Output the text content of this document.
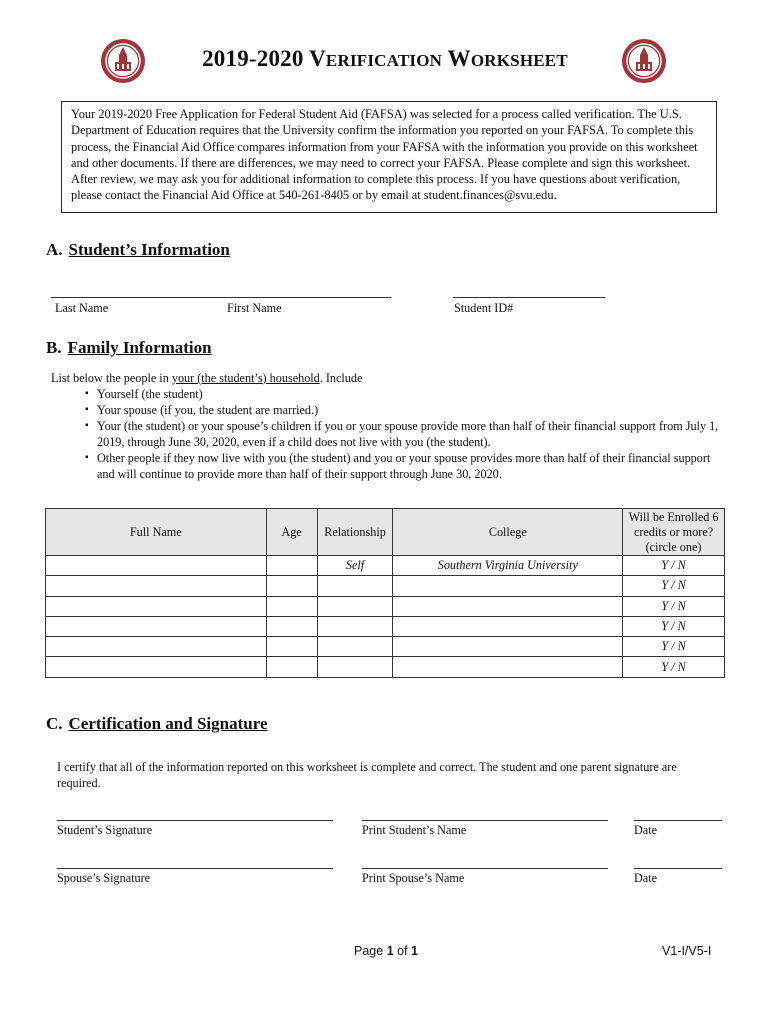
2019-2020 VERIFICATION WORKSHEET
Your 2019-2020 Free Application for Federal Student Aid (FAFSA) was selected for a process called verification. The U.S. Department of Education requires that the University confirm the information you reported on your FAFSA. To complete this process, the Financial Aid Office compares information from your FAFSA with the information you provide on this worksheet and other documents. If there are differences, we may need to correct your FAFSA. Please complete and sign this worksheet. After review, we may ask you for additional information to complete this process. If you have questions about verification, please contact the Financial Aid Office at 540-261-8405 or by email at student.finances@svu.edu.
A. Student’s Information
Last Name	First Name	Student ID#
B. Family Information
List below the people in your (the student’s) household. Include
▪ Yourself (the student)
▪ Your spouse (if you, the student are married.)
▪ Your (the student) or your spouse’s children if you or your spouse provide more than half of their financial support from July 1, 2019, through June 30, 2020, even if a child does not live with you (the student).
▪ Other people if they now live with you (the student) and you or your spouse provides more than half of their financial support and will continue to provide more than half of their support through June 30, 2020.
Full Name	Age	Relationship	College	Will be Enrolled 6
credits or more?
(circle one)
		Self	Southern Virginia University	Y / N
				Y / N
				Y / N
				Y / N
				Y / N
				Y / N
C. Certification and Signature
I certify that all of the information reported on this worksheet is complete and correct. The student and one parent signature are required.
Student’s Signature	Print Student’s Name	Date
Spouse’s Signature	Print Spouse’s Name	Date
Page 1 of 1	V1-I/V5-I
